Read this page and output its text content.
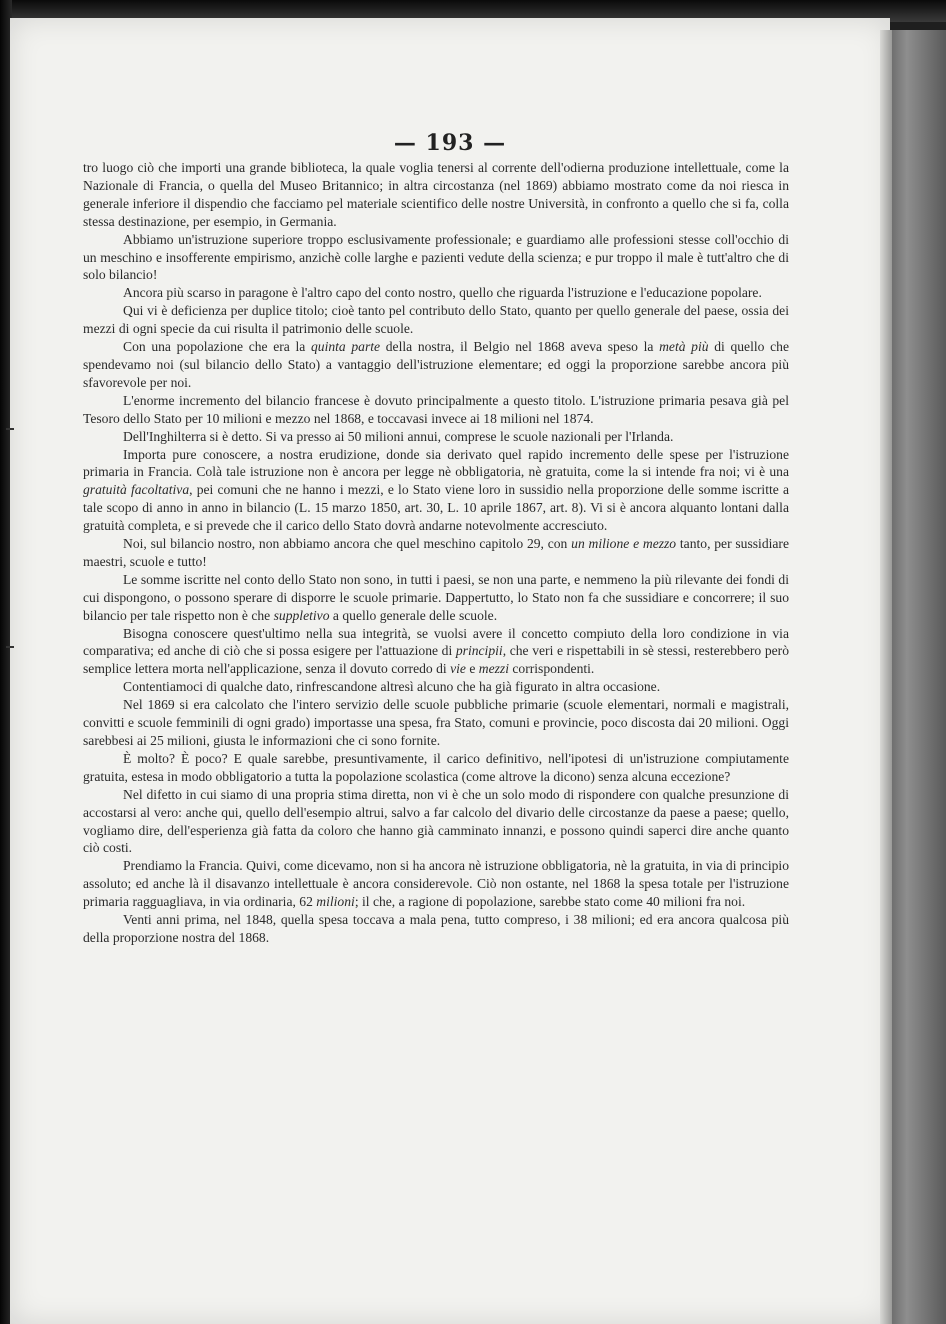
— 193 —

tro luogo ciò che importi una grande biblioteca, la quale voglia tenersi al corrente dell'odierna produzione intellettuale, come la Nazionale di Francia, o quella del Museo Britannico; in altra circostanza (nel 1869) abbiamo mostrato come da noi riesca in generale inferiore il dispendio che facciamo pel materiale scientifico delle nostre Università, in confronto a quello che si fa, colla stessa destinazione, per esempio, in Germania.

Abbiamo un'istruzione superiore troppo esclusivamente professionale; e guardiamo alle professioni stesse coll'occhio di un meschino e insofferente empirismo, anzichè colle larghe e pazienti vedute della scienza; e pur troppo il male è tutt'altro che di solo bilancio!

Ancora più scarso in paragone è l'altro capo del conto nostro, quello che riguarda l'istruzione e l'educazione popolare.

Qui vi è deficienza per duplice titolo; cioè tanto pel contributo dello Stato, quanto per quello generale del paese, ossia dei mezzi di ogni specie da cui risulta il patrimonio delle scuole.

Con una popolazione che era la quinta parte della nostra, il Belgio nel 1868 aveva speso la metà più di quello che spendevamo noi (sul bilancio dello Stato) a vantaggio dell'istruzione elementare; ed oggi la proporzione sarebbe ancora più sfavorevole per noi.

L'enorme incremento del bilancio francese è dovuto principalmente a questo titolo. L'istruzione primaria pesava già pel Tesoro dello Stato per 10 milioni e mezzo nel 1868, e toccavasi invece ai 18 milioni nel 1874.

Dell'Inghilterra si è detto. Si va presso ai 50 milioni annui, comprese le scuole nazionali per l'Irlanda.

Importa pure conoscere, a nostra erudizione, donde sia derivato quel rapido incremento delle spese per l'istruzione primaria in Francia. Colà tale istruzione non è ancora per legge nè obbligatoria, nè gratuita, come la si intende fra noi; vi è una gratuità facoltativa, pei comuni che ne hanno i mezzi, e lo Stato viene loro in sussidio nella proporzione delle somme iscritte a tale scopo di anno in anno in bilancio (L. 15 marzo 1850, art. 30, L. 10 aprile 1867, art. 8). Vi si è ancora alquanto lontani dalla gratuità completa, e si prevede che il carico dello Stato dovrà andarne notevolmente accresciuto.

Noi, sul bilancio nostro, non abbiamo ancora che quel meschino capitolo 29, con un milione e mezzo tanto, per sussidiare maestri, scuole e tutto!

Le somme iscritte nel conto dello Stato non sono, in tutti i paesi, se non una parte, e nemmeno la più rilevante dei fondi di cui dispongono, o possono sperare di disporre le scuole primarie. Dappertutto, lo Stato non fa che sussidiare e concorrere; il suo bilancio per tale rispetto non è che suppletivo a quello generale delle scuole.

Bisogna conoscere quest'ultimo nella sua integrità, se vuolsi avere il concetto compiuto della loro condizione in via comparativa; ed anche di ciò che si possa esigere per l'attuazione di principii, che veri e rispettabili in sè stessi, resterebbero però semplice lettera morta nell'applicazione, senza il dovuto corredo di vie e mezzi corrispondenti.

Contentiamoci di qualche dato, rinfrescandone altresì alcuno che ha già figurato in altra occasione.

Nel 1869 si era calcolato che l'intero servizio delle scuole pubbliche primarie (scuole elementari, normali e magistrali, convitti e scuole femminili di ogni grado) importasse una spesa, fra Stato, comuni e provincie, poco discosta dai 20 milioni. Oggi sarebbesi ai 25 milioni, giusta le informazioni che ci sono fornite.

È molto? È poco? E quale sarebbe, presuntivamente, il carico definitivo, nell'ipotesi di un'istruzione compiutamente gratuita, estesa in modo obbligatorio a tutta la popolazione scolastica (come altrove la dicono) senza alcuna eccezione?

Nel difetto in cui siamo di una propria stima diretta, non vi è che un solo modo di rispondere con qualche presunzione di accostarsi al vero: anche qui, quello dell'esempio altrui, salvo a far calcolo del divario delle circostanze da paese a paese; quello, vogliamo dire, dell'esperienza già fatta da coloro che hanno già camminato innanzi, e possono quindi saperci dire anche quanto ciò costi.

Prendiamo la Francia. Quivi, come dicevamo, non si ha ancora nè istruzione obbligatoria, nè la gratuita, in via di principio assoluto; ed anche là il disavanzo intellettuale è ancora considerevole. Ciò non ostante, nel 1868 la spesa totale per l'istruzione primaria ragguagliava, in via ordinaria, 62 milioni; il che, a ragione di popolazione, sarebbe stato come 40 milioni fra noi.

Venti anni prima, nel 1848, quella spesa toccava a mala pena, tutto compreso, i 38 milioni; ed era ancora qualcosa più della proporzione nostra del 1868.
